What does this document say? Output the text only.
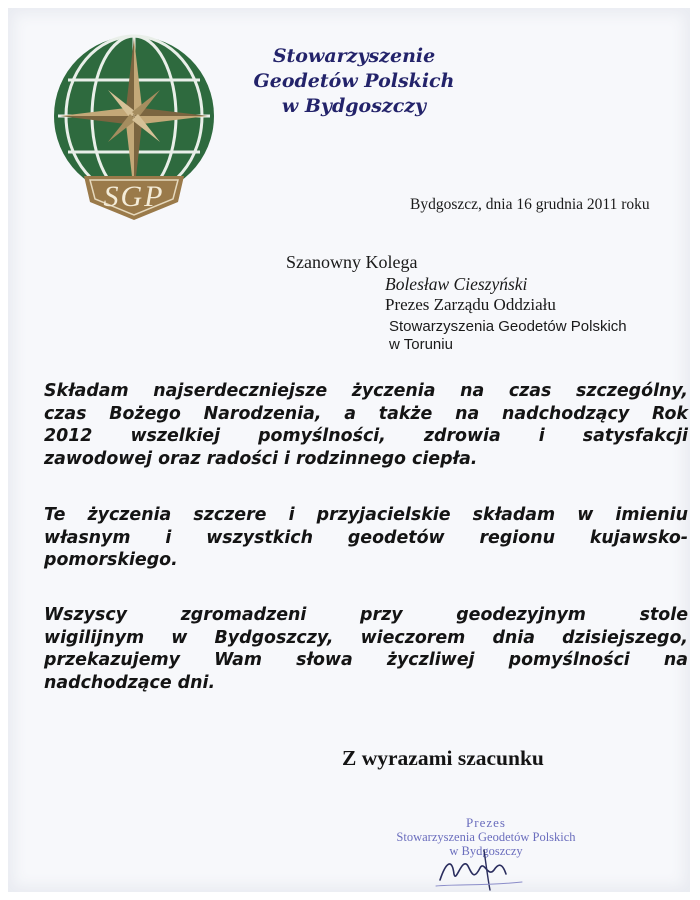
SGP
Stowarzyszenie
Geodetów Polskich
w Bydgoszczy
Bydgoszcz, dnia 16 grudnia 2011 roku
Szanowny Kolega
Bolesław Cieszyński
Prezes Zarządu Oddziału
Stowarzyszenia Geodetów Polskich
w Toruniu
Składam najserdeczniejsze życzenia na czas szczególny,
czas Bożego Narodzenia, a także na nadchodzący Rok
2012 wszelkiej pomyślności, zdrowia i satysfakcji
zawodowej oraz radości i rodzinnego ciepła.
Te życzenia szczere i przyjacielskie składam w imieniu
własnym i wszystkich geodetów regionu kujawsko-
pomorskiego.
Wszyscy zgromadzeni przy geodezyjnym stole
wigilijnym w Bydgoszczy, wieczorem dnia dzisiejszego,
przekazujemy Wam słowa życzliwej pomyślności na
nadchodzące dni.
Z wyrazami szacunku
Prezes
Stowarzyszenia Geodetów Polskich
w Bydgoszczy
